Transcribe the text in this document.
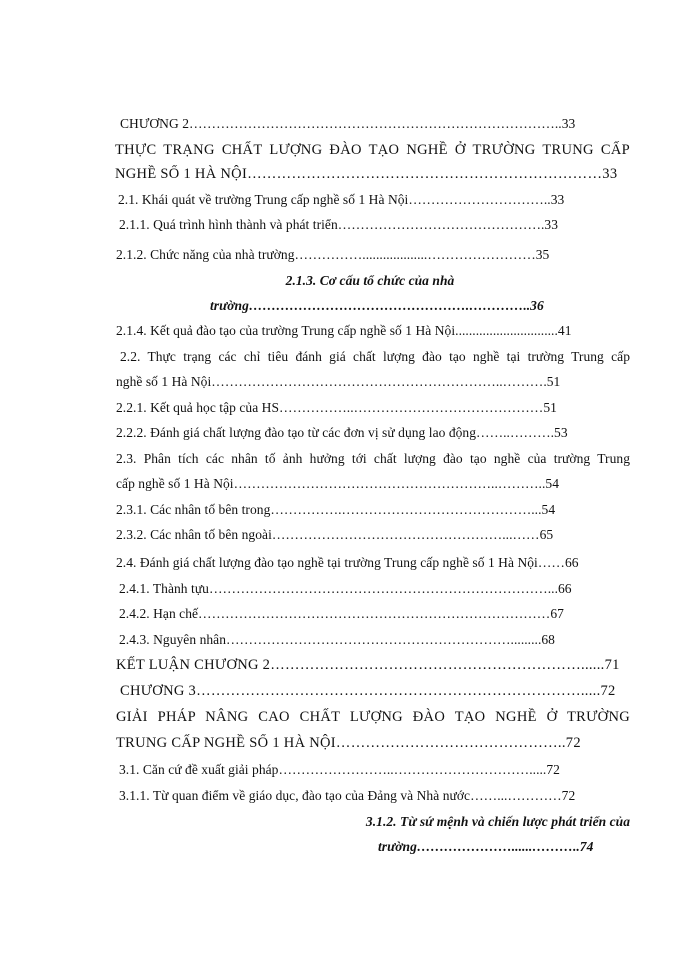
CHƯƠNG 2………………………………………………………………………..33
THỰC TRẠNG CHẤT LƯỢNG ĐÀO TẠO NGHỀ Ở TRƯỜNG TRUNG CẤP
NGHỀ SỐ 1 HÀ NỘI………………………………………………………………33
2.1. Khái quát về trường Trung cấp nghề số 1 Hà Nội…………………………..33
2.1.1. Quá trình hình thành và phát triển……………………………………….33
2.1.2. Chức năng của nhà trường……………...................……………………35
2.1.3. Cơ cấu tổ chức của nhà
trường………………………………………….…………..36
2.1.4. Kết quả đào tạo của trường Trung cấp nghề số 1 Hà Nội..............................41
2.2. Thực trạng các chỉ tiêu đánh giá chất lượng đào tạo nghề tại trường Trung cấp
nghề số 1 Hà Nội………………………………………………………..……….51
2.2.1. Kết quả học tập của HS……………..……………………………………51
2.2.2. Đánh giá chất lượng đào tạo từ các đơn vị sử dụng lao động……..……….53
2.3. Phân tích các nhân tố ảnh hưởng tới chất lượng đào tạo nghề của trường Trung
cấp nghề số 1 Hà Nội…………………………………………………..………..54
2.3.1. Các nhân tố bên trong…………….……………………………………...54
2.3.2. Các nhân tố bên ngoài……………………………………………...……65
2.4. Đánh giá chất lượng đào tạo nghề tại trường Trung cấp nghề số 1 Hà Nội……66
2.4.1. Thành tựu…………………………………………………………………...66
2.4.2. Hạn chế……………………………………………………………………67
2.4.3. Nguyên nhân……………………………………………………….........68
KẾT LUẬN CHƯƠNG 2………………………………………………………......71
CHƯƠNG 3…………………………………………………………………….....72
GIẢI PHÁP NÂNG CAO CHẤT LƯỢNG ĐÀO TẠO NGHỀ Ở TRƯỜNG
TRUNG CẤP NGHỀ SỐ 1 HÀ NỘI………………………………………..72
3.1. Căn cứ đề xuất giải pháp……………………..………………………….....72
3.1.1. Từ quan điểm về giáo dục, đào tạo của Đảng và Nhà nước……...…………72
3.1.2. Từ sứ mệnh và chiến lược phát triển của
trường…………………......………..74
